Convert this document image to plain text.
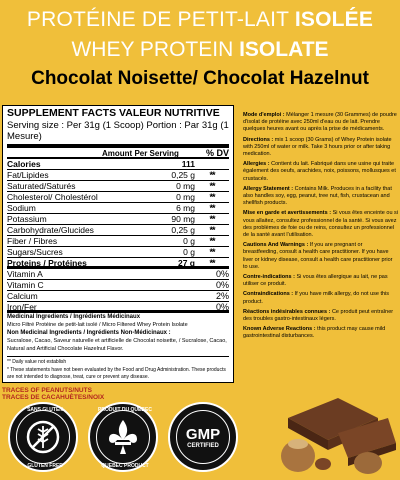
PROTÉINE DE PETIT-LAIT ISOLÉE
WHEY PROTEIN ISOLATE
Chocolat Noisette/ Chocolat Hazelnut
SUPPLEMENT FACTS VALEUR NUTRITIVE
Serving size : Per 31g (1 Scoop) Portion : Par 31g (1 Mesure)
Amount Per Serving	% DV
Calories	111
Fat/Lipides	0,25 g	**
Saturated/Saturés	0 mg	**
Cholesterol/ Cholestérol	0 mg	**
Sodium	6 mg	**
Potassium	90 mg	**
Carbohydrate/Glucides	0,25 g	**
Fiber / Fibres	0 g	**
Sugars/Sucres	0 g	**
Proteins / Protéines	27 g	**
Vitamin A	0%
Vitamin C	0%
Calcium	2%
Iron/Fer	0%
Medicinal Ingredients / Ingrédients Médicinaux
Micro Filtré Protéine de petit-lait isolé / Micro Filtered Whey Protein Isolate
Non Medicinal Ingredients / Ingrédients Non-Médicinaux :
Sucralose, Cacao, Saveur naturelle et artificielle de Chocolat noisette, / Sucralose, Cacao, Natural and Artificial Chocolate Hazelnut Flavor.
** Daily value not establish
* These statements have not been evaluated by the Food and Drug Administration. These products are not intended to diagnose, treat, cure or prevent any disease.

Mode d'emploi : Mélanger 1 mesure (30 Grammes) de poudre d'isolat de protéine avec 250ml d'eau ou de lait. Prendre quelques heures avant ou après la prise de médicaments.

Directions : mix 1 scoop (30 Grams) of Whey Protein isolate with 250ml of water or milk. Take 3 hours prior or after taking medication.

Allergies : Contient du lait. Fabriqué dans une usine qui traite également des oeufs, arachides, noix, poissons, mollusques et crustacés.

Allergy Statement : Contains Milk. Produces in a facility that also handles soy, egg, peanut, tree nut, fish, crustacean and shellfish products.

Mise en garde et avertissements : Si vous êtes enceinte ou si vous allaitez, consultez professionnel de la santé. Si vous avez des problèmes de foie ou de reins, consultez un professionnel de la santé avant l'utilisation.

Cautions And Warnings : If you are pregnant or breastfeeding, consult a health care practitioner. If you have liver or kidney disease, consult a health care practitioner prior to use.

Contre-indications : Si vous êtes allergique au lait, ne pas utiliser ce produit.

Contraindications : If you have milk allergy, do not use this product.

Réactions indésirables connues : Ce produit peut entraîner des troubles gastro-intestinaux légers.

Known Adverse Reactions : this product may cause mild gastrointestinal disturbances.

TRACES OF PEANUTS/NUTS
TRACES DE CACAHUÈTES/NOIX
SANS GLUTEN
GLUTEN FREE
PRODUIT DU QUÉBEC
QUEBEC PRODUCT
GMP
CERTIFIED
